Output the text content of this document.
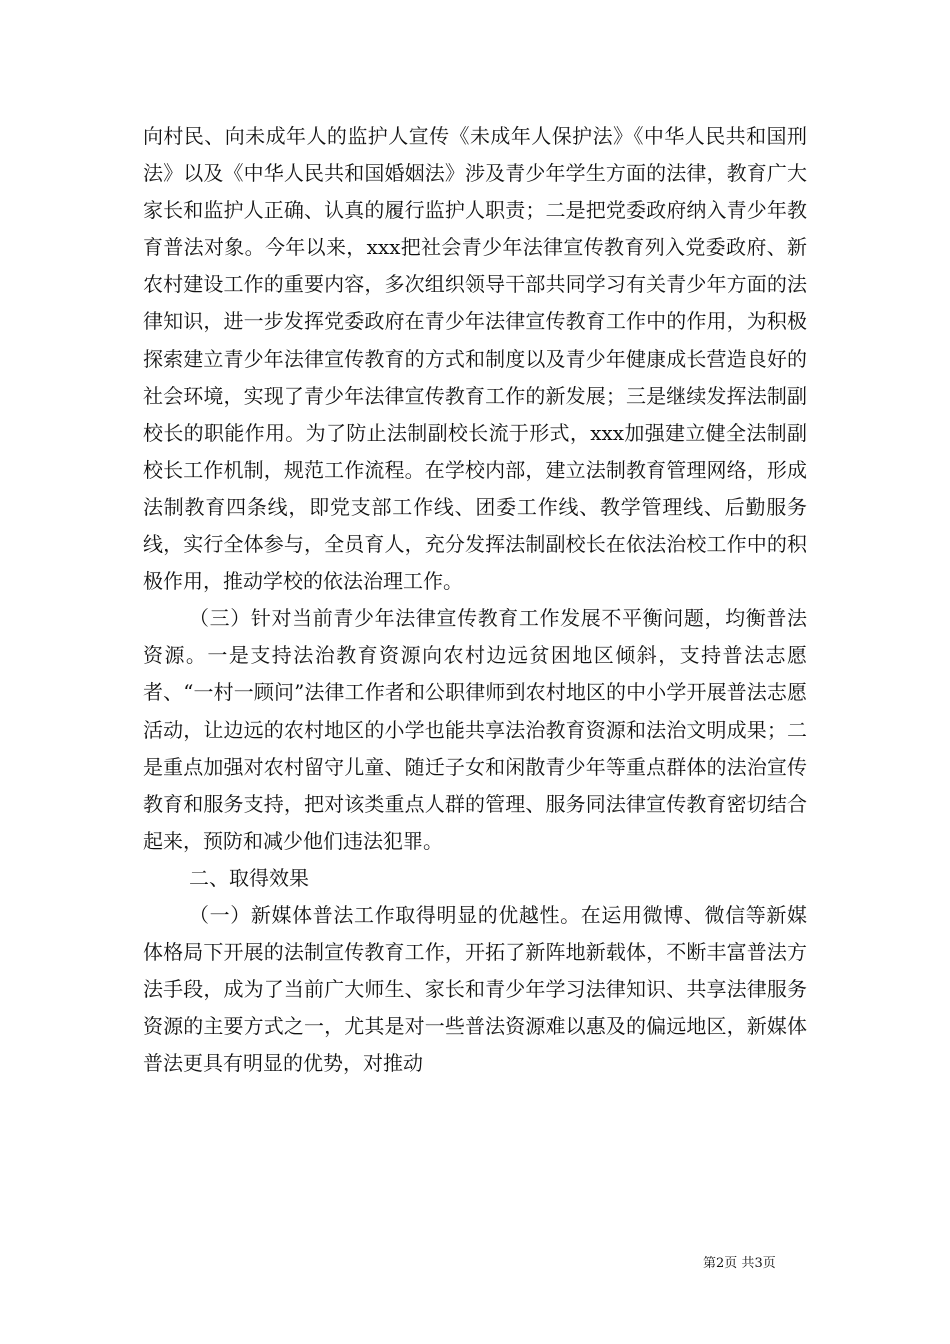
向村民、向未成年人的监护人宣传《未成年人保护法》《中华人民共和国刑法》以及《中华人民共和国婚姻法》涉及青少年学生方面的法律，教育广大家长和监护人正确、认真的履行监护人职责；二是把党委政府纳入青少年教育普法对象。今年以来，xxx把社会青少年法律宣传教育列入党委政府、新农村建设工作的重要内容，多次组织领导干部共同学习有关青少年方面的法律知识，进一步发挥党委政府在青少年法律宣传教育工作中的作用，为积极探索建立青少年法律宣传教育的方式和制度以及青少年健康成长营造良好的社会环境，实现了青少年法律宣传教育工作的新发展；三是继续发挥法制副校长的职能作用。为了防止法制副校长流于形式，xxx加强建立健全法制副校长工作机制，规范工作流程。在学校内部，建立法制教育管理网络，形成法制教育四条线，即党支部工作线、团委工作线、教学管理线、后勤服务线，实行全体参与，全员育人，充分发挥法制副校长在依法治校工作中的积极作用，推动学校的依法治理工作。

（三）针对当前青少年法律宣传教育工作发展不平衡问题，均衡普法资源。一是支持法治教育资源向农村边远贫困地区倾斜，支持普法志愿者、“一村一顾问”法律工作者和公职律师到农村地区的中小学开展普法志愿活动，让边远的农村地区的小学也能共享法治教育资源和法治文明成果；二是重点加强对农村留守儿童、随迁子女和闲散青少年等重点群体的法治宣传教育和服务支持，把对该类重点人群的管理、服务同法律宣传教育密切结合起来，预防和减少他们违法犯罪。

二、取得效果

（一）新媒体普法工作取得明显的优越性。在运用微博、微信等新媒体格局下开展的法制宣传教育工作，开拓了新阵地新载体，不断丰富普法方法手段，成为了当前广大师生、家长和青少年学习法律知识、共享法律服务资源的主要方式之一，尤其是对一些普法资源难以惠及的偏远地区，新媒体普法更具有明显的优势，对推动

第2页 共3页
